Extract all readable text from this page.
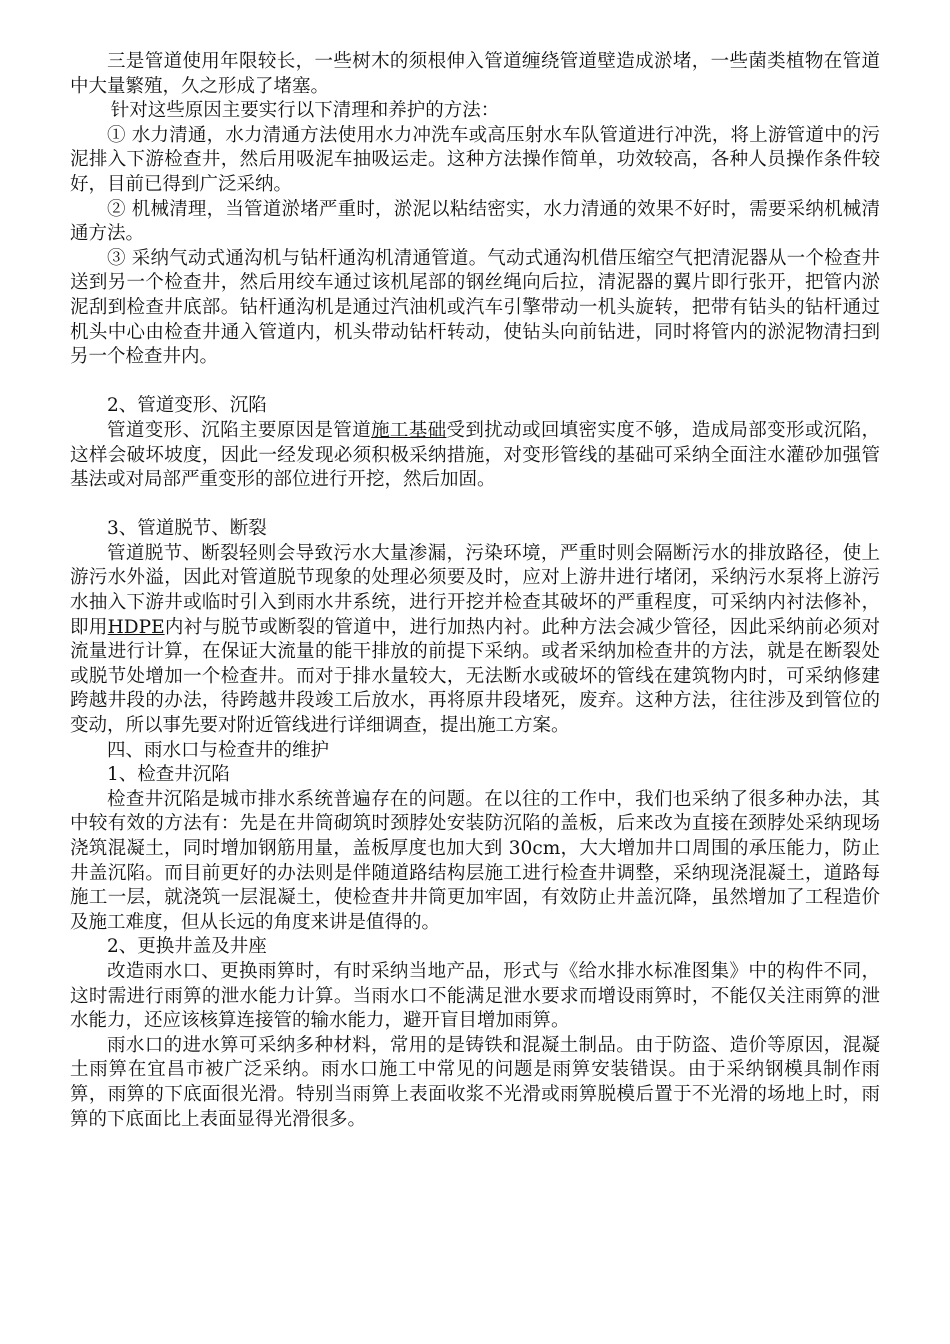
三是管道使用年限较长，一些树木的须根伸入管道缠绕管道壁造成淤堵，一些菌类植物在管道中大量繁殖，久之形成了堵塞。

针对这些原因主要实行以下清理和养护的方法：

① 水力清通，水力清通方法使用水力冲洗车或高压射水车队管道进行冲洗，将上游管道中的污泥排入下游检查井，然后用吸泥车抽吸运走。这种方法操作简单，功效较高，各种人员操作条件较好，目前已得到广泛采纳。

② 机械清理，当管道淤堵严重时，淤泥以粘结密实，水力清通的效果不好时，需要采纳机械清通方法。

③ 采纳气动式通沟机与钻杆通沟机清通管道。气动式通沟机借压缩空气把清泥器从一个检查井送到另一个检查井，然后用绞车通过该机尾部的钢丝绳向后拉，清泥器的翼片即行张开，把管内淤泥刮到检查井底部。钻杆通沟机是通过汽油机或汽车引擎带动一机头旋转，把带有钻头的钻杆通过机头中心由检查井通入管道内，机头带动钻杆转动，使钻头向前钻进，同时将管内的淤泥物清扫到另一个检查井内。

2、管道变形、沉陷

管道变形、沉陷主要原因是管道施工基础受到扰动或回填密实度不够，造成局部变形或沉陷，这样会破坏坡度，因此一经发现必须积极采纳措施，对变形管线的基础可采纳全面注水灌砂加强管基法或对局部严重变形的部位进行开挖，然后加固。

3、管道脱节、断裂

管道脱节、断裂轻则会导致污水大量渗漏，污染环境，严重时则会隔断污水的排放路径，使上游污水外溢，因此对管道脱节现象的处理必须要及时，应对上游井进行堵闭，采纳污水泵将上游污水抽入下游井或临时引入到雨水井系统，进行开挖并检查其破坏的严重程度，可采纳内衬法修补，即用HDPE内衬与脱节或断裂的管道中，进行加热内衬。此种方法会减少管径，因此采纳前必须对流量进行计算，在保证大流量的能干排放的前提下采纳。或者采纳加检查井的方法，就是在断裂处或脱节处增加一个检查井。而对于排水量较大，无法断水或破坏的管线在建筑物内时，可采纳修建跨越井段的办法，待跨越井段竣工后放水，再将原井段堵死，废弃。这种方法，往往涉及到管位的变动，所以事先要对附近管线进行详细调查，提出施工方案。

四、雨水口与检查井的维护

1、检查井沉陷

检查井沉陷是城市排水系统普遍存在的问题。在以往的工作中，我们也采纳了很多种办法，其中较有效的方法有：先是在井筒砌筑时颈脖处安装防沉陷的盖板，后来改为直接在颈脖处采纳现场浇筑混凝土，同时增加钢筋用量，盖板厚度也加大到 30cm，大大增加井口周围的承压能力，防止井盖沉陷。而目前更好的办法则是伴随道路结构层施工进行检查井调整，采纳现浇混凝土，道路每施工一层，就浇筑一层混凝土，使检查井井筒更加牢固，有效防止井盖沉降，虽然增加了工程造价及施工难度，但从长远的角度来讲是值得的。

2、更换井盖及井座

改造雨水口、更换雨箅时，有时采纳当地产品，形式与《给水排水标准图集》中的构件不同，这时需进行雨箅的泄水能力计算。当雨水口不能满足泄水要求而增设雨箅时，不能仅关注雨箅的泄水能力，还应该核算连接管的输水能力，避开盲目增加雨箅。

雨水口的进水箅可采纳多种材料，常用的是铸铁和混凝土制品。由于防盗、造价等原因，混凝土雨箅在宜昌市被广泛采纳。雨水口施工中常见的问题是雨箅安装错误。由于采纳钢模具制作雨箅，雨箅的下底面很光滑。特别当雨箅上表面收浆不光滑或雨箅脱模后置于不光滑的场地上时，雨箅的下底面比上表面显得光滑很多。
